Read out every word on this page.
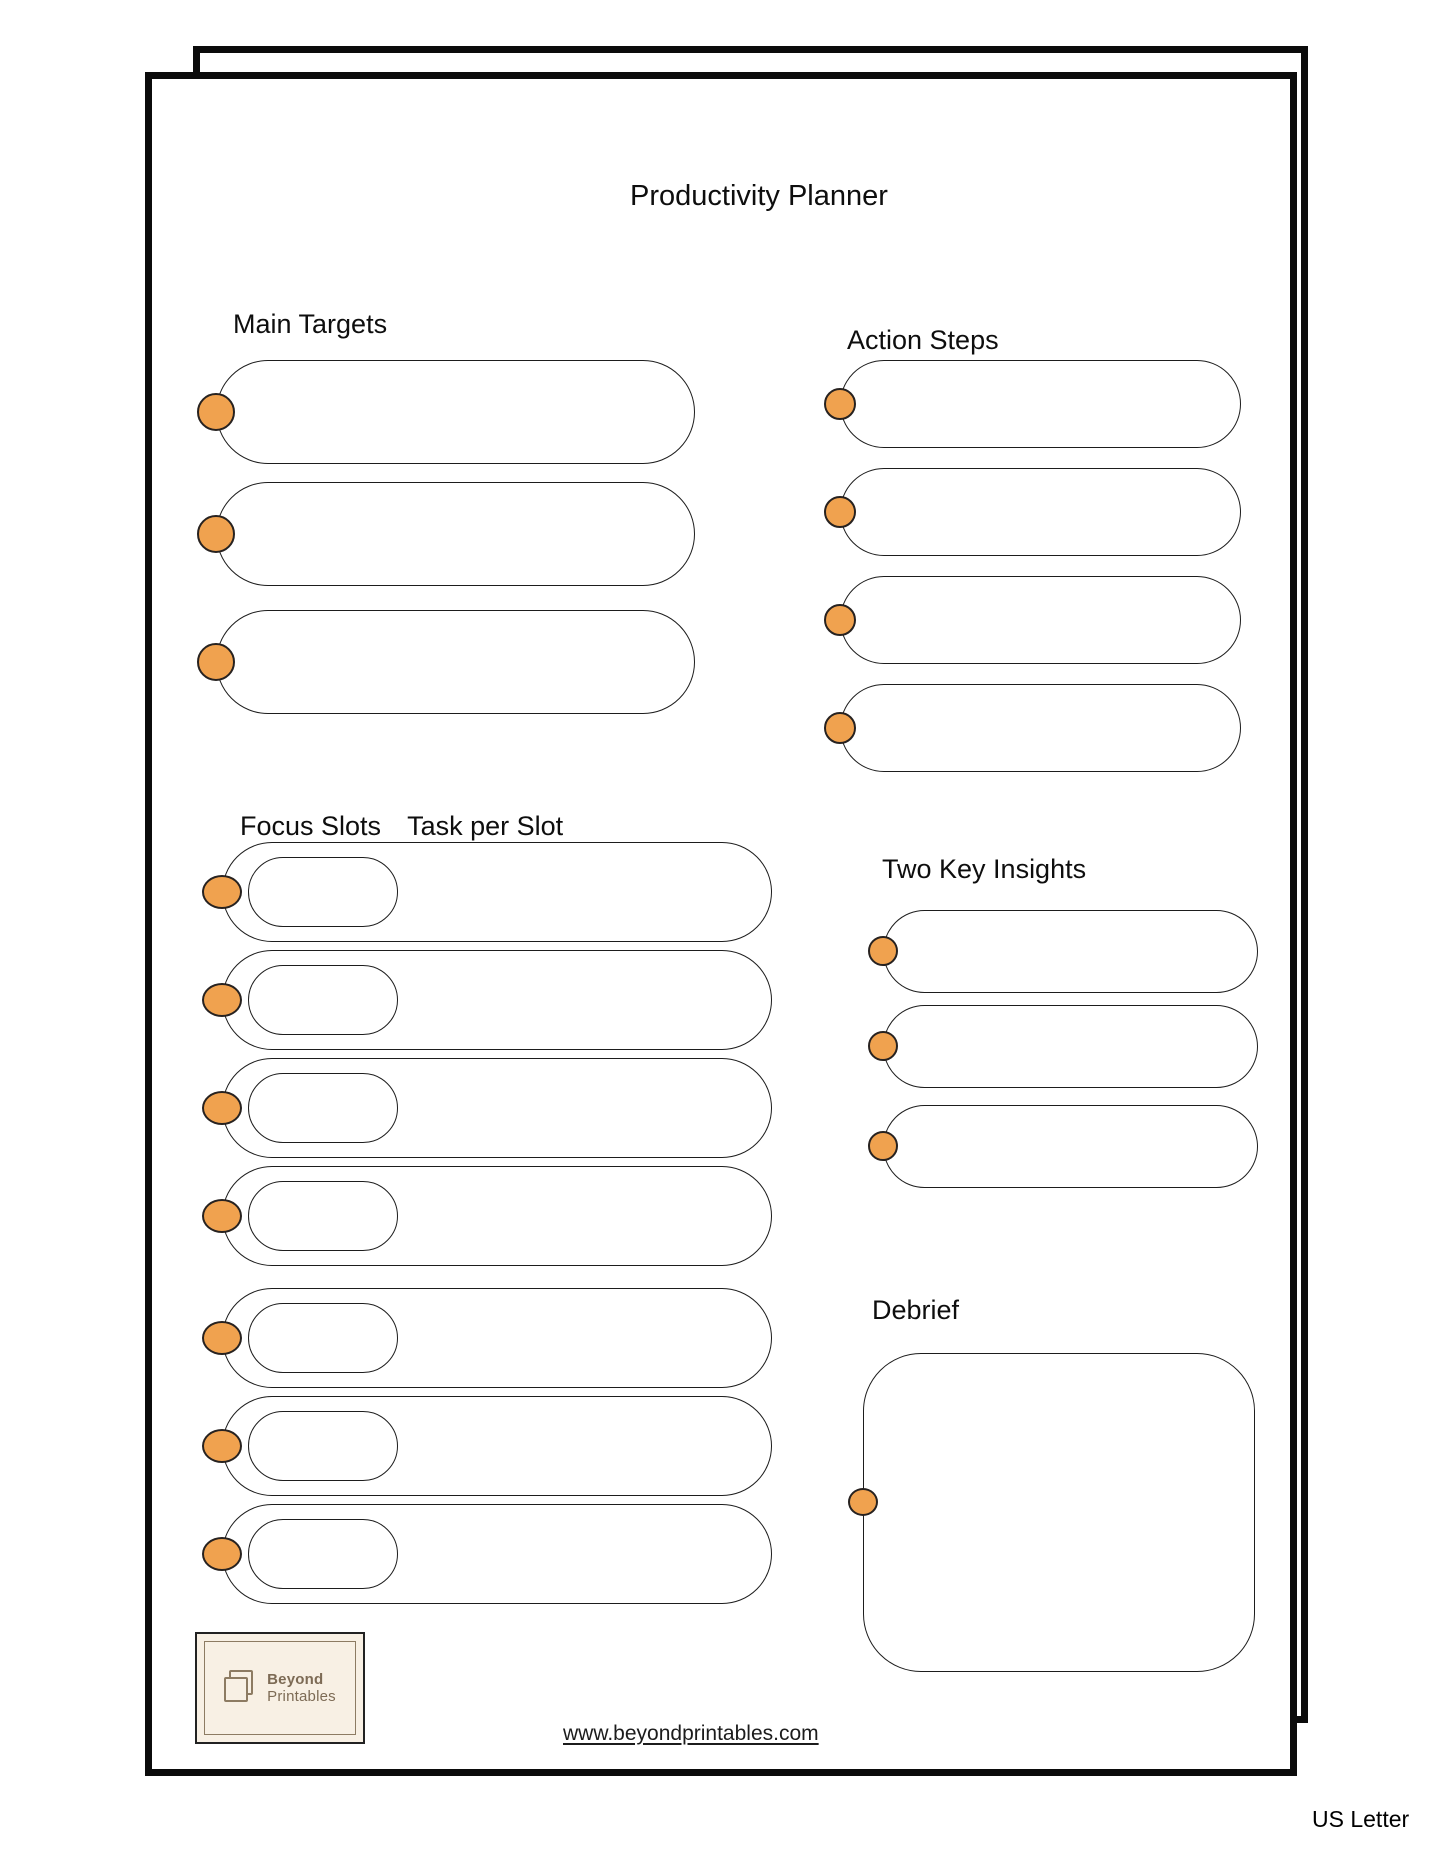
Productivity Planner
Main Targets
Action Steps
Focus Slots Task per Slot
Two Key Insights
Debrief
Beyond
Printables
www.beyondprintables.com
US Letter
